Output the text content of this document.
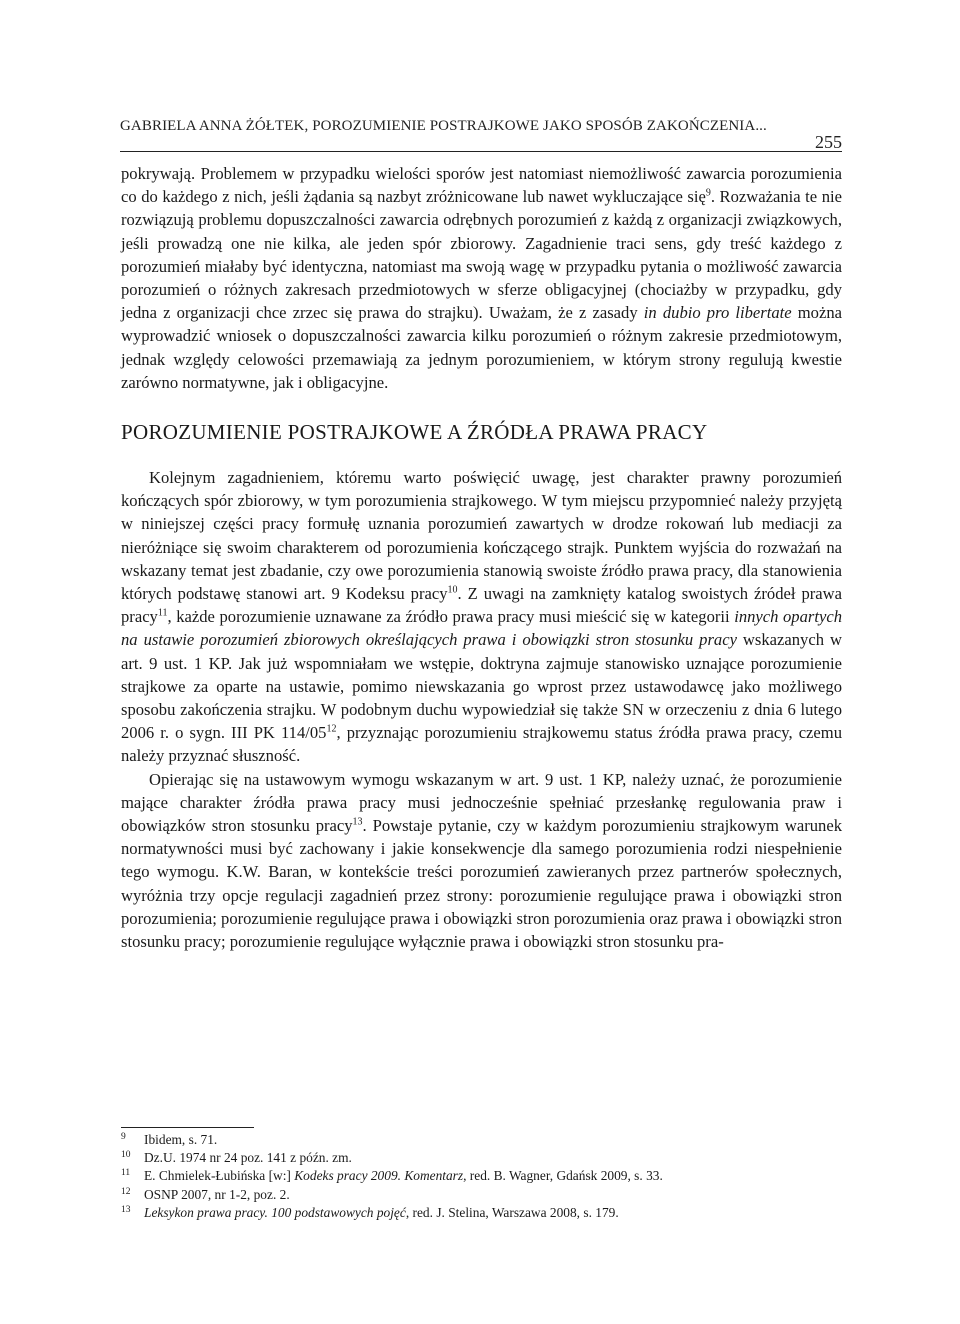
GABRIELA ANNA ŻÓŁTEK, POROZUMIENIE POSTRAJKOWE JAKO SPOSÓB ZAKOŃCZENIA...
255

pokrywają. Problemem w przypadku wielości sporów jest natomiast niemożliwość zawarcia porozumienia co do każdego z nich, jeśli żądania są nazbyt zróżnicowane lub nawet wykluczające się$^9$. Rozważania te nie rozwiązują problemu dopuszczalności zawarcia odrębnych porozumień z każdą z organizacji związkowych, jeśli prowadzą one nie kilka, ale jeden spór zbiorowy. Zagadnienie traci sens, gdy treść każdego z porozumień miałaby być identyczna, natomiast ma swoją wagę w przypadku pytania o możliwość zawarcia porozumień o różnych zakresach przedmiotowych w sferze obligacyjnej (chociażby w przypadku, gdy jedna z organizacji chce zrzec się prawa do strajku). Uważam, że z zasady in dubio pro libertate można wyprowadzić wniosek o dopuszczalności zawarcia kilku porozumień o różnym zakresie przedmiotowym, jednak względy celowości przemawiają za jednym porozumieniem, w którym strony regulują kwestie zarówno normatywne, jak i obligacyjne.

POROZUMIENIE POSTRAJKOWE A ŹRÓDŁA PRAWA PRACY

Kolejnym zagadnieniem, któremu warto poświęcić uwagę, jest charakter prawny porozumień kończących spór zbiorowy, w tym porozumienia strajkowego. W tym miejscu przypomnieć należy przyjętą w niniejszej części pracy formułę uznania porozumień zawartych w drodze rokowań lub mediacji za nieróżniące się swoim charakterem od porozumienia kończącego strajk. Punktem wyjścia do rozważań na wskazany temat jest zbadanie, czy owe porozumienia stanowią swoiste źródło prawa pracy, dla stanowienia których podstawę stanowi art. 9 Kodeksu pracy$^{10}$. Z uwagi na zamknięty katalog swoistych źródeł prawa pracy$^{11}$, każde porozumienie uznawane za źródło prawa pracy musi mieścić się w kategorii innych opartych na ustawie porozumień zbiorowych określających prawa i obowiązki stron stosunku pracy wskazanych w art. 9 ust. 1 KP. Jak już wspomniałam we wstępie, doktryna zajmuje stanowisko uznające porozumienie strajkowe za oparte na ustawie, pomimo niewskazania go wprost przez ustawodawcę jako możliwego sposobu zakończenia strajku. W podobnym duchu wypowiedział się także SN w orzeczeniu z dnia 6 lutego 2006 r. o sygn. III PK $114/05^{12}$, przyznając porozumieniu strajkowemu status źródła prawa pracy, czemu należy przyznać słuszność.

Opierając się na ustawowym wymogu wskazanym w art. 9 ust. 1 KP, należy uznać, że porozumienie mające charakter źródła prawa pracy musi jednocześnie spełniać przesłankę regulowania praw i obowiązków stron stosunku pracy$^{13}$. Powstaje pytanie, czy w każdym porozumieniu strajkowym warunek normatywności musi być zachowany i jakie konsekwencje dla samego porozumienia rodzi niespełnienie tego wymogu. K.W. Baran, w kontekście treści porozumień zawieranych przez partnerów społecznych, wyróżnia trzy opcje regulacji zagadnień przez strony: porozumienie regulujące prawa i obowiązki stron porozumienia; porozumienie regulujące prawa i obowiązki stron porozumienia oraz prawa i obowiązki stron stosunku pracy; porozumienie regulujące wyłącznie prawa i obowiązki stron stosunku pra-

9	Ibidem, s. 71.
10	Dz.U. 1974 nr 24 poz. 141 z późn. zm.
11	E. Chmielek-Łubińska [w:] Kodeks pracy 2009. Komentarz, red. B. Wagner, Gdańsk 2009, s. 33.
12	OSNP 2007, nr 1-2, poz. 2.
13	Leksykon prawa pracy. 100 podstawowych pojęć, red. J. Stelina, Warszawa 2008, s. 179.
